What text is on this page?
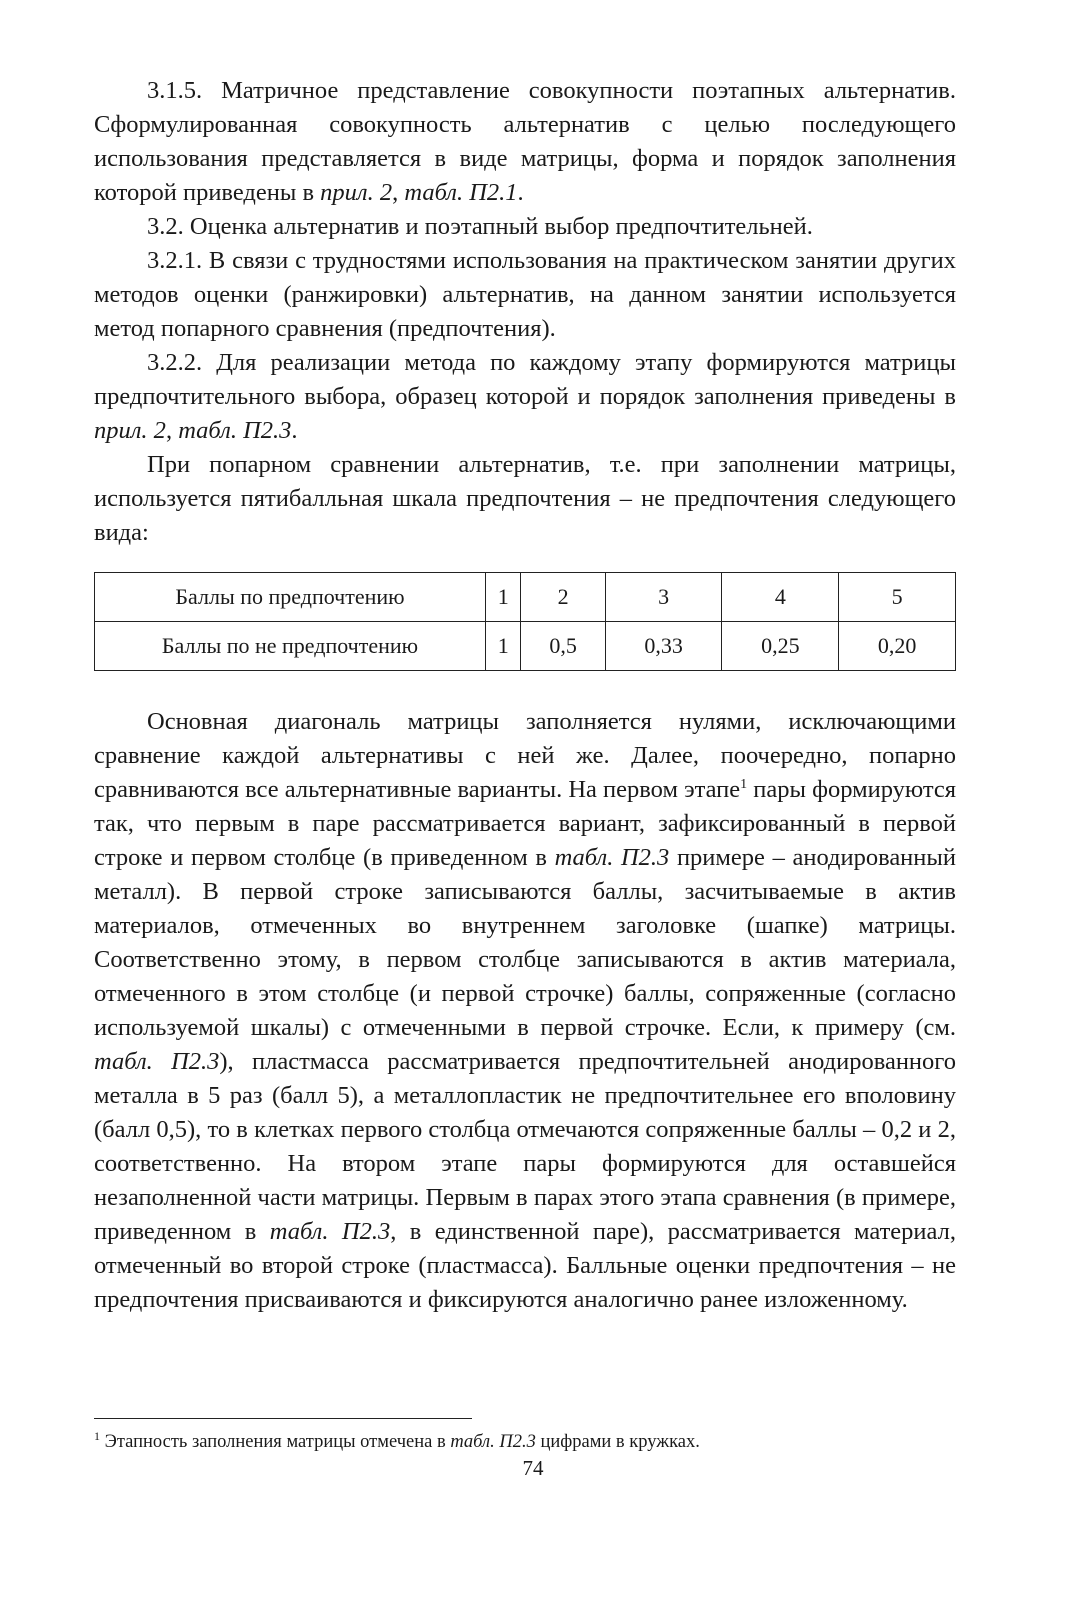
3.1.5. Матричное представление совокупности поэтапных альтернатив. Сформулированная совокупность альтернатив с целью последующего использования представляется в виде матрицы, форма и порядок заполнения которой приведены в прил. 2, табл. П2.1.

3.2. Оценка альтернатив и поэтапный выбор предпочтительней.

3.2.1. В связи с трудностями использования на практическом занятии других методов оценки (ранжировки) альтернатив, на данном занятии используется метод попарного сравнения (предпочтения).

3.2.2. Для реализации метода по каждому этапу формируются матрицы предпочтительного выбора, образец которой и порядок заполнения приведены в прил. 2, табл. П2.3.

При попарном сравнении альтернатив, т.е. при заполнении матрицы, используется пятибалльная шкала предпочтения – не предпочтения следующего вида:

Баллы по предпочтению	1	2	3	4	5
Баллы по не предпочтению	1	0,5	0,33	0,25	0,20

Основная диагональ матрицы заполняется нулями, исключающими сравнение каждой альтернативы с ней же. Далее, поочередно, попарно сравниваются все альтернативные варианты. На первом этапе$^1$ пары формируются так, что первым в паре рассматривается вариант, зафиксированный в первой строке и первом столбце (в приведенном в табл. П2.3 примере – анодированный металл). В первой строке записываются баллы, засчитываемые в актив материалов, отмеченных во внутреннем заголовке (шапке) матрицы. Соответственно этому, в первом столбце записываются в актив материала, отмеченного в этом столбце (и первой строчке) баллы, сопряженные (согласно используемой шкалы) с отмеченными в первой строчке. Если, к примеру (см. табл. П2.3), пластмасса рассматривается предпочтительней анодированного металла в 5 раз (балл 5), а металлопластик не предпочтительнее его вполовину (балл 0,5), то в клетках первого столбца отмечаются сопряженные баллы – 0,2 и 2, соответственно. На втором этапе пары формируются для оставшейся незаполненной части матрицы. Первым в парах этого этапа сравнения (в примере, приведенном в табл. П2.3, в единственной паре), рассматривается материал, отмеченный во второй строке (пластмасса). Балльные оценки предпочтения – не предпочтения присваиваются и фиксируются аналогично ранее изложенному.

$^1$ Этапность заполнения матрицы отмечена в табл. П2.3 цифрами в кружках.
74
